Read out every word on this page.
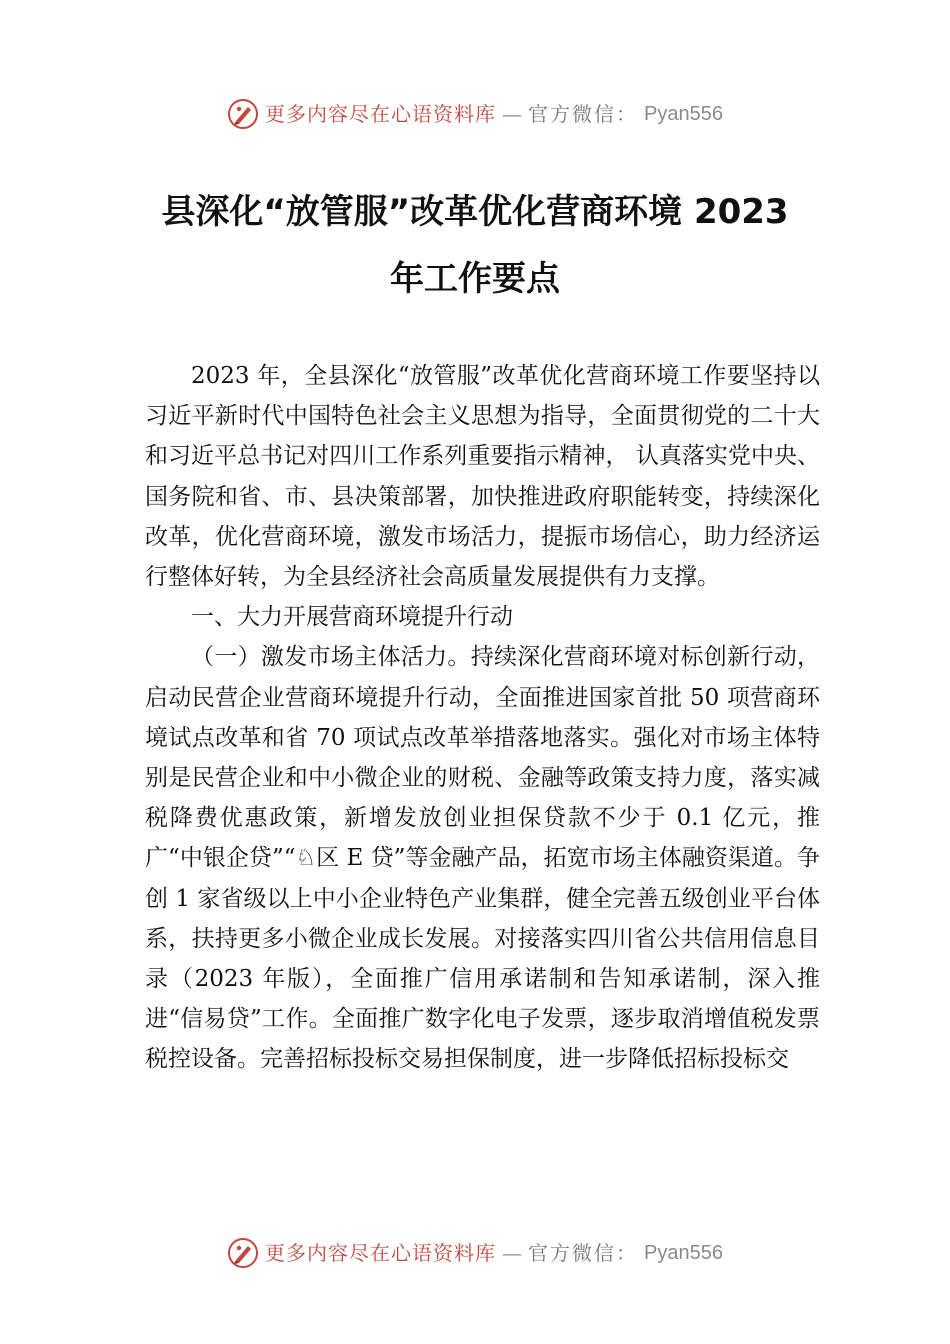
更多内容尽在心语资料库 — 官方微信： Pyan556
县深化“放管服”改革优化营商环境 2023
年工作要点

2023 年，全县深化“放管服”改革优化营商环境工作要坚持以习近平新时代中国特色社会主义思想为指导，全面贯彻党的二十大和习近平总书记对四川工作系列重要指示精神， 认真落实党中央、国务院和省、市、县决策部署，加快推进政府职能转变，持续深化改革，优化营商环境，激发市场活力，提振市场信心，助力经济运行整体好转，为全县经济社会高质量发展提供有力支撑。

一、大力开展营商环境提升行动

（一）激发市场主体活力。持续深化营商环境对标创新行动，启动民营企业营商环境提升行动，全面推进国家首批 50 项营商环境试点改革和省 70 项试点改革举措落地落实。强化对市场主体特别是民营企业和中小微企业的财税、金融等政策支持力度，落实减税降费优惠政策，新增发放创业担保贷款不少于 0.1 亿元，推广“中银企贷”“♘区 E 贷”等金融产品，拓宽市场主体融资渠道。争创 1 家省级以上中小企业特色产业集群，健全完善五级创业平台体系，扶持更多小微企业成长发展。对接落实四川省公共信用信息目录（2023 年版），全面推广信用承诺制和告知承诺制，深入推进“信易贷”工作。全面推广数字化电子发票，逐步取消增值税发票税控设备。完善招标投标交易担保制度，进一步降低招标投标交

更多内容尽在心语资料库 — 官方微信： Pyan556
